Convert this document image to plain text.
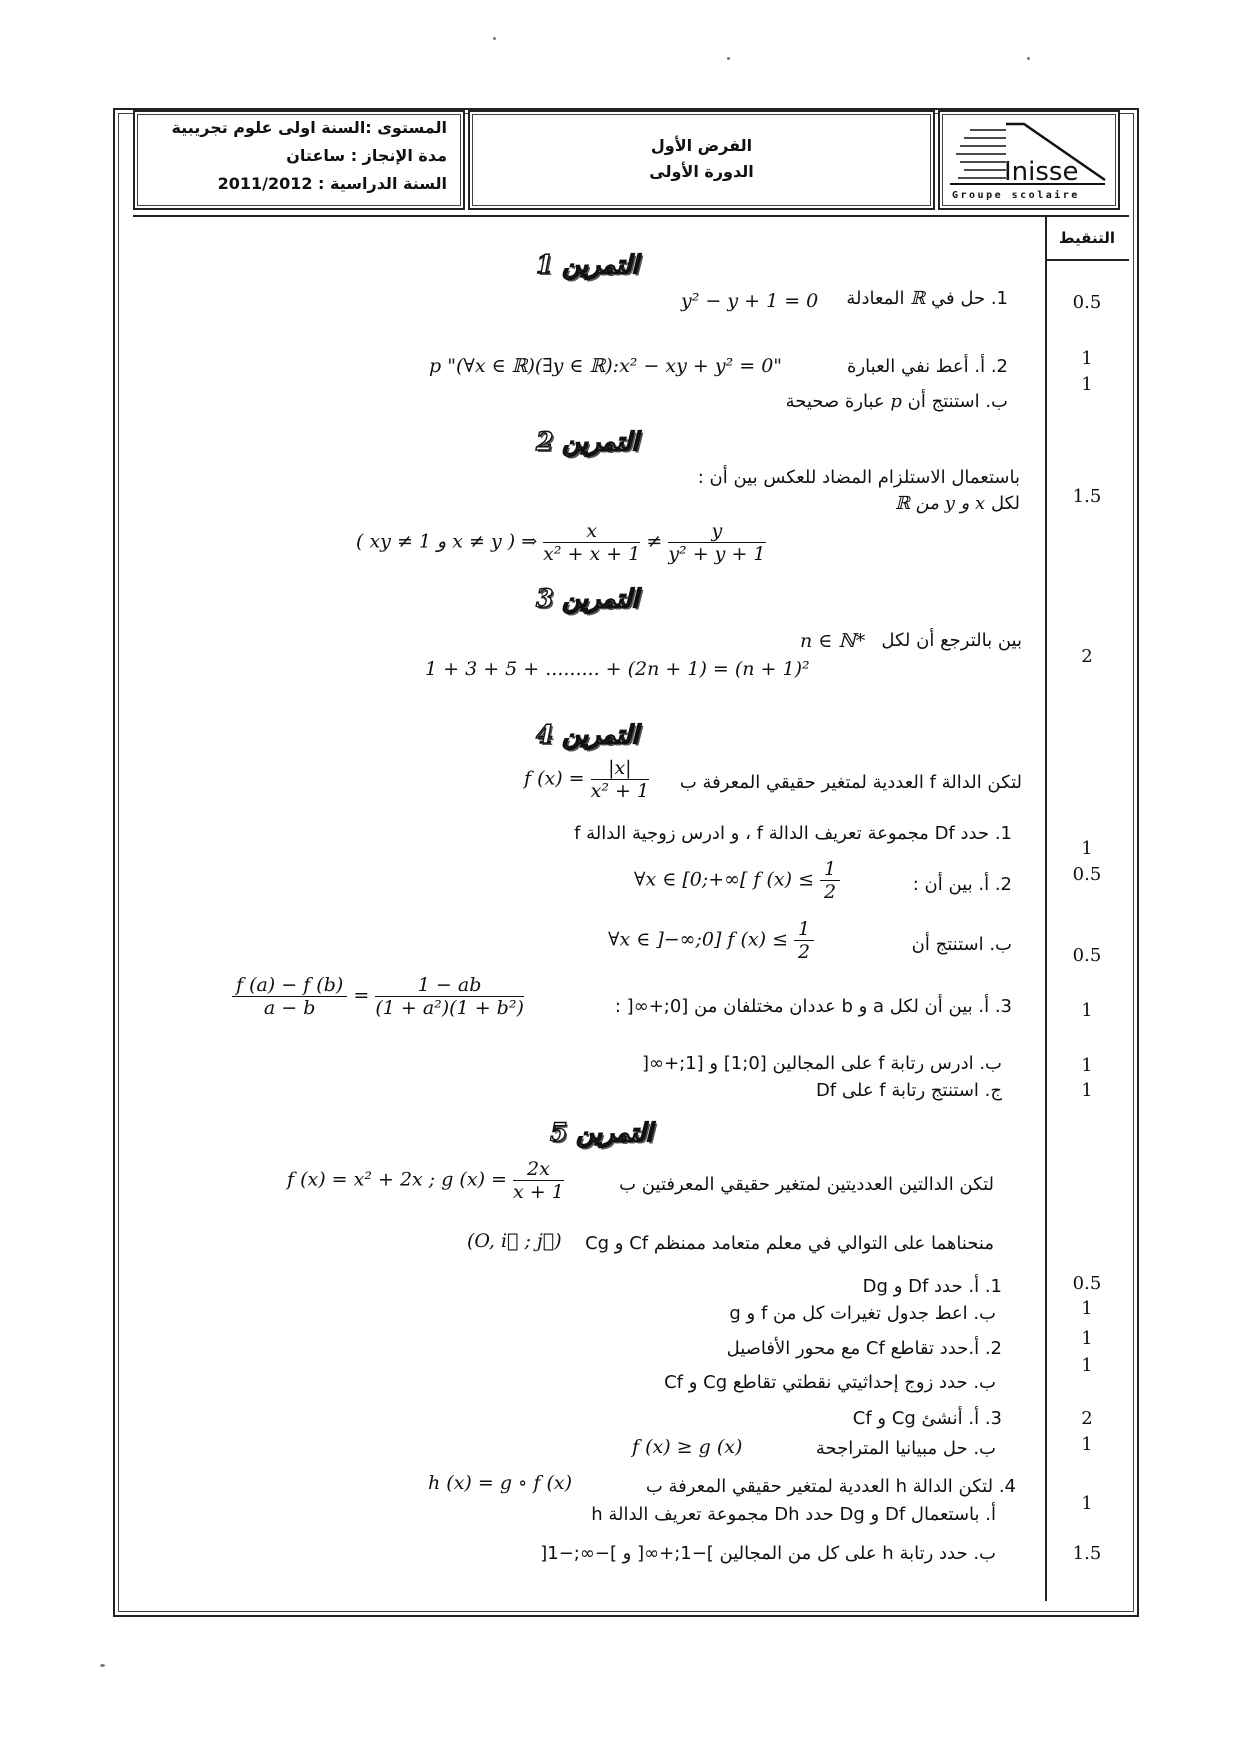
المستوى :السنة اولى علوم تجريبية
مدة الإنجاز : ساعتان
السنة الدراسية : 2011/2012
الفرض الأول
الدورة الأولى	Inisse
Groupe scolaire
التنقيط
التمرين 1
1. حل في ℝ المعادلة
y² − y + 1 = 0
2. أ. أعط نفي العبارة
p "(∀x ∈ ℝ)(∃y ∈ ℝ):x² − xy + y² = 0"
ب. استنتج أن p عبارة صحيحة
0.5
1
1
التمرين 2
باستعمال الاستلزام المضاد للعكس بين أن :
لكل x و y من ℝ
( xy ≠ 1 و x ≠ y ) ⇒ $\frac{x}{\text{x² + x + 1}} \ne \frac{y}{\text{y² + y + 1}}$
1.5
التمرين 3
بين بالترجع أن لكل
n ∈ ℕ*
1 + 3 + 5 + ......... + (2n + 1) = (n + 1)²
2
التمرين 4
لتكن الدالة f العددية لمتغير حقيقي المعرفة ب
f $(x) = \frac{|x|}{\text{x² + 1}}$
1. حدد Df مجموعة تعريف الدالة f ، و ادرس زوجية الدالة f
2. أ. بين أن :
∀x ∈ [0;+∞[ f $(x) \le \frac{1}{2}$
ب. استنتج أن
∀x ∈ ]−∞;0] f $(x) \le \frac{1}{2}$
3. أ. بين أن لكل a و b عددان مختلفان من [0;+∞[ :
$\frac{f (a) - f (b)}{a - b} = \frac{1 - ab}{\text{(1 + a²)(1 + b²)}}$
ب. ادرس رتابة f على المجالين [0;1] و [1;+∞[
ج. استنتج رتابة f على Df
1
0.5
0.5
1
1
1
التمرين 5
لتكن الدالتين العدديتين لمتغير حقيقي المعرفتين ب
f (x) = x² + 2x ; g $(x) = \frac{2x}{x + 1}$
Cg و Cf منحناهما على التوالي في معلم متعامد ممنظم
(O, i⃗ ; j⃗)
1. أ. حدد Df و Dg
ب. اعط جدول تغيرات كل من f و g
2. أ.حدد تقاطع Cf مع محور الأفاصيل
ب. حدد زوج إحداثيتي نقطتي تقاطع Cg و Cf
3. أ. أنشئ Cg و Cf
ب. حل مبيانيا المتراجحة
f (x) ≥ g (x)
4. لتكن الدالة h العددية لمتغير حقيقي المعرفة ب
h (x) = g ∘ f (x)
أ. باستعمال Df و Dg حدد Dh مجموعة تعريف الدالة h
ب. حدد رتابة h على كل من المجالين ]−1;+∞[ و ]−∞;−1[
0.5
1
1
1
2
1
1
1.5
